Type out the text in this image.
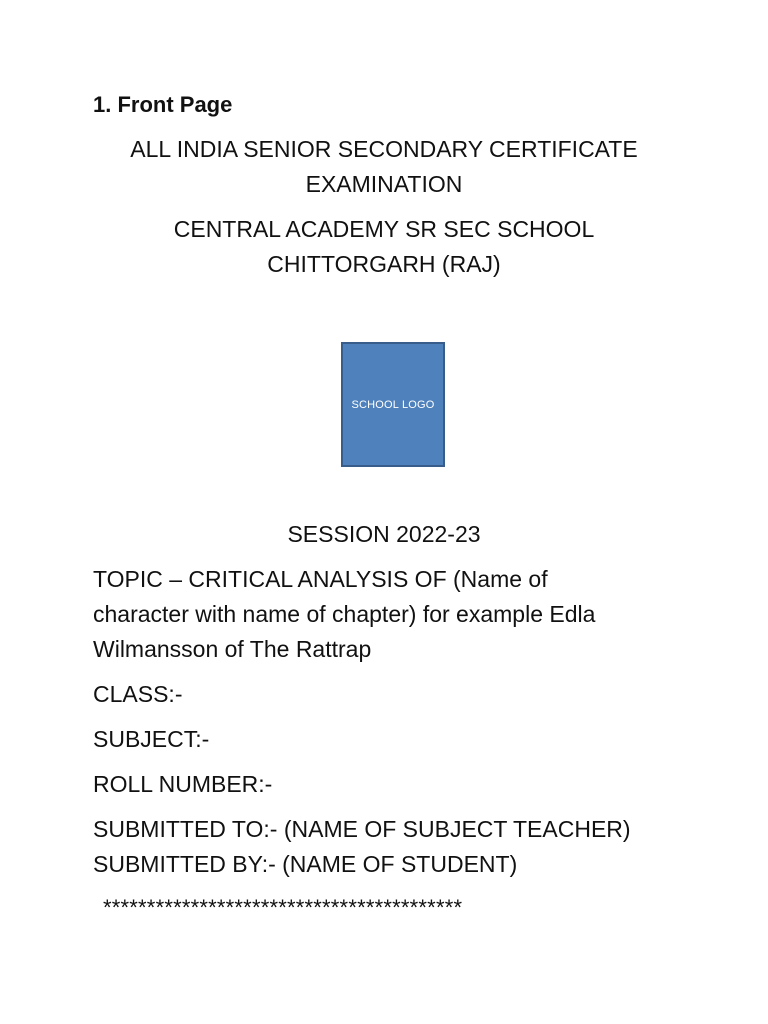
1. Front Page
ALL INDIA SENIOR SECONDARY CERTIFICATE
EXAMINATION
CENTRAL ACADEMY SR SEC SCHOOL
CHITTORGARH (RAJ)
SCHOOL LOGO
SESSION 2022-23
TOPIC – CRITICAL ANALYSIS OF (Name of
character with name of chapter) for example Edla
Wilmansson of The Rattrap
CLASS:-
SUBJECT:-
ROLL NUMBER:-
SUBMITTED TO:- (NAME OF SUBJECT TEACHER)
SUBMITTED BY:- (NAME OF STUDENT)
*****************************************
